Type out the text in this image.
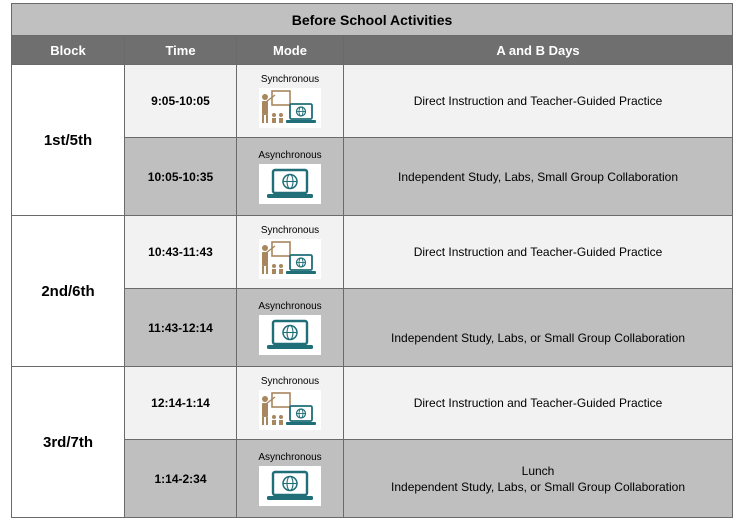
Before School Activities			
Block	Time	Mode	A and B Days
1st/5th	9:05-10:05	Synchronous	Direct Instruction and Teacher-Guided Practice
	10:05-10:35	Asynchronous	Independent Study, Labs, Small Group Collaboration
2nd/6th	10:43-11:43	Synchronous	Direct Instruction and Teacher-Guided Practice
	11:43-12:14	Asynchronous	Independent Study, Labs, or Small Group Collaboration

3rd/7th	12:14-1:14	Synchronous	Direct Instruction and Teacher-Guided Practice
	1:14-2:34	Asynchronous	Lunch
Independent Study, Labs, or Small Group Collaboration
